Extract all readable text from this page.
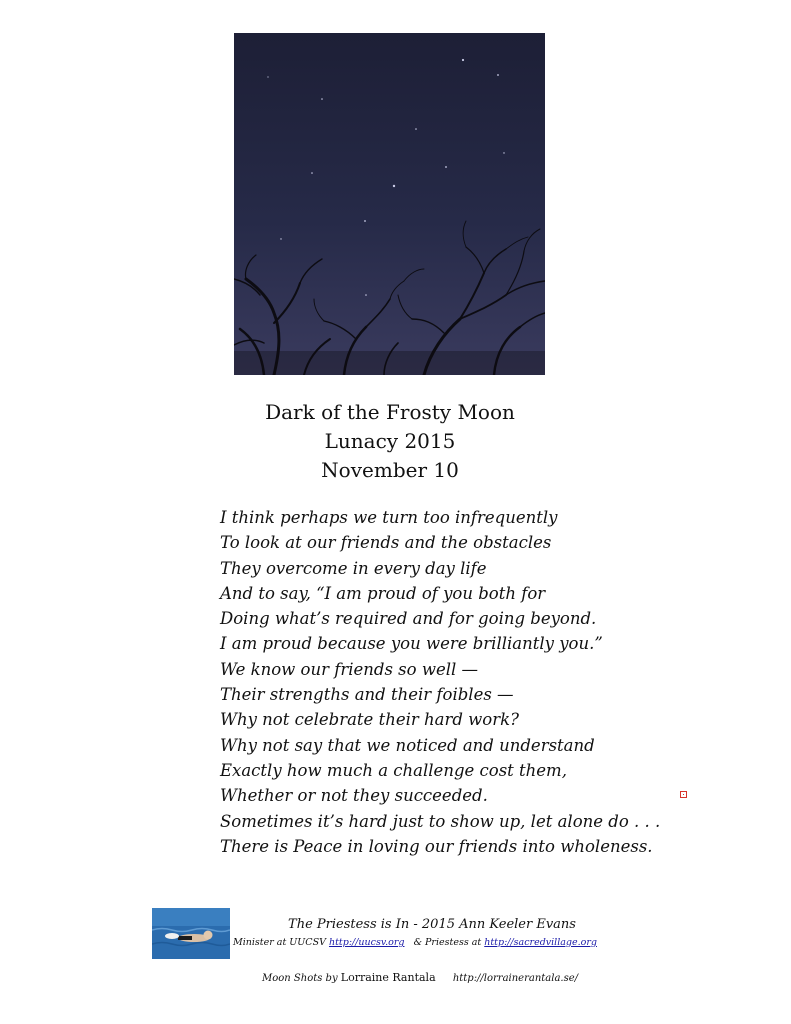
Dark of the Frosty Moon
Lunacy 2015
November 10
I think perhaps we turn too infrequently
To look at our friends and the obstacles
They overcome in every day life
And to say, “I am proud of you both for
Doing what’s required and for going beyond.
I am proud because you were brilliantly you.”
We know our friends so well —
Their strengths and their foibles —
Why not celebrate their hard work?
Why not say that we noticed and understand
Exactly how much a challenge cost them,
Whether or not they succeeded.
Sometimes it’s hard just to show up, let alone do . . .
There is Peace in loving our friends into wholeness.
The Priestess is In - 2015 Ann Keeler Evans
Minister at UUCSV http://uucsv.org & Priestess at http://sacredvillage.org
Moon Shots by Lorraine Rantala http://lorrainerantala.se/
